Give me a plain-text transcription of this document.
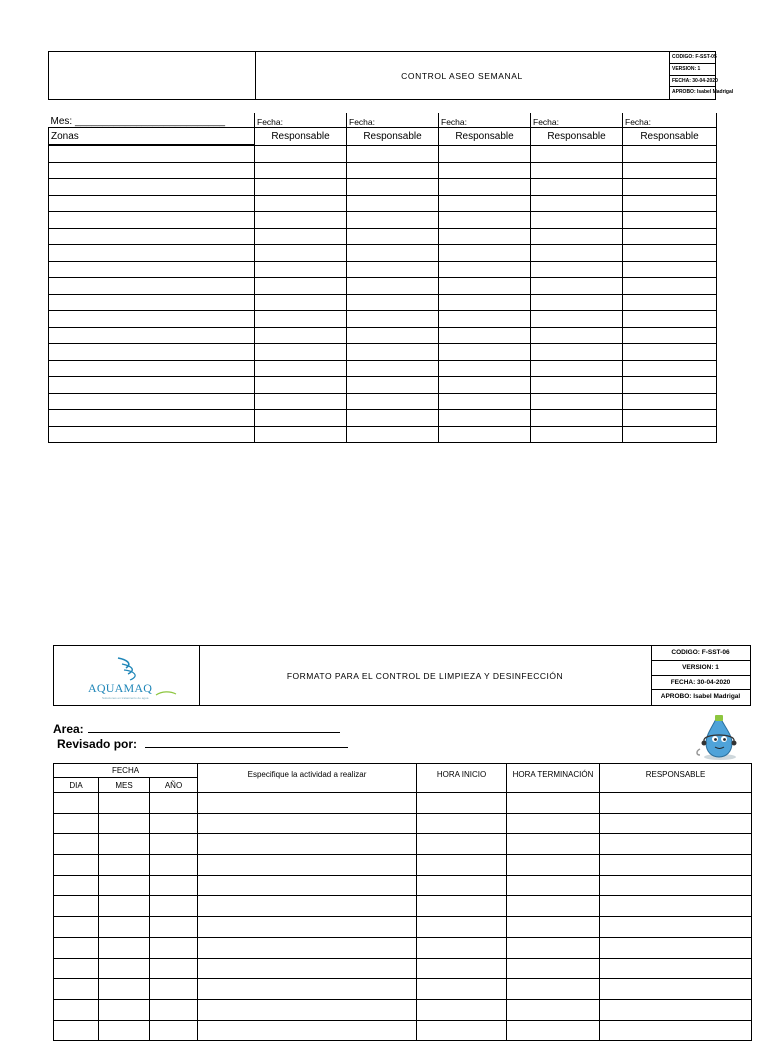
CONTROL ASEO SEMANAL
CODIGO: F-SST-05
VERSION: 1
FECHA: 30-04-2020
APROBO: Isabel Madrigal
Mes: ___________________________	Fecha:	Fecha:	Fecha:	Fecha:	Fecha:
Zonas	Responsable	Responsable	Responsable	Responsable	Responsable

AQUAMAQ
Soluciones en tratamiento de agua
FORMATO PARA EL CONTROL DE LIMPIEZA Y DESINFECCIÓN
CODIGO: F-SST-06
VERSION: 1
FECHA: 30-04-2020
APROBO: Isabel Madrigal
Area:
Revisado por:
FECHA			Especifique la actividad a realizar	HORA INICIO	HORA TERMINACIÓN	RESPONSABLE
DIA	MES	AÑO				
